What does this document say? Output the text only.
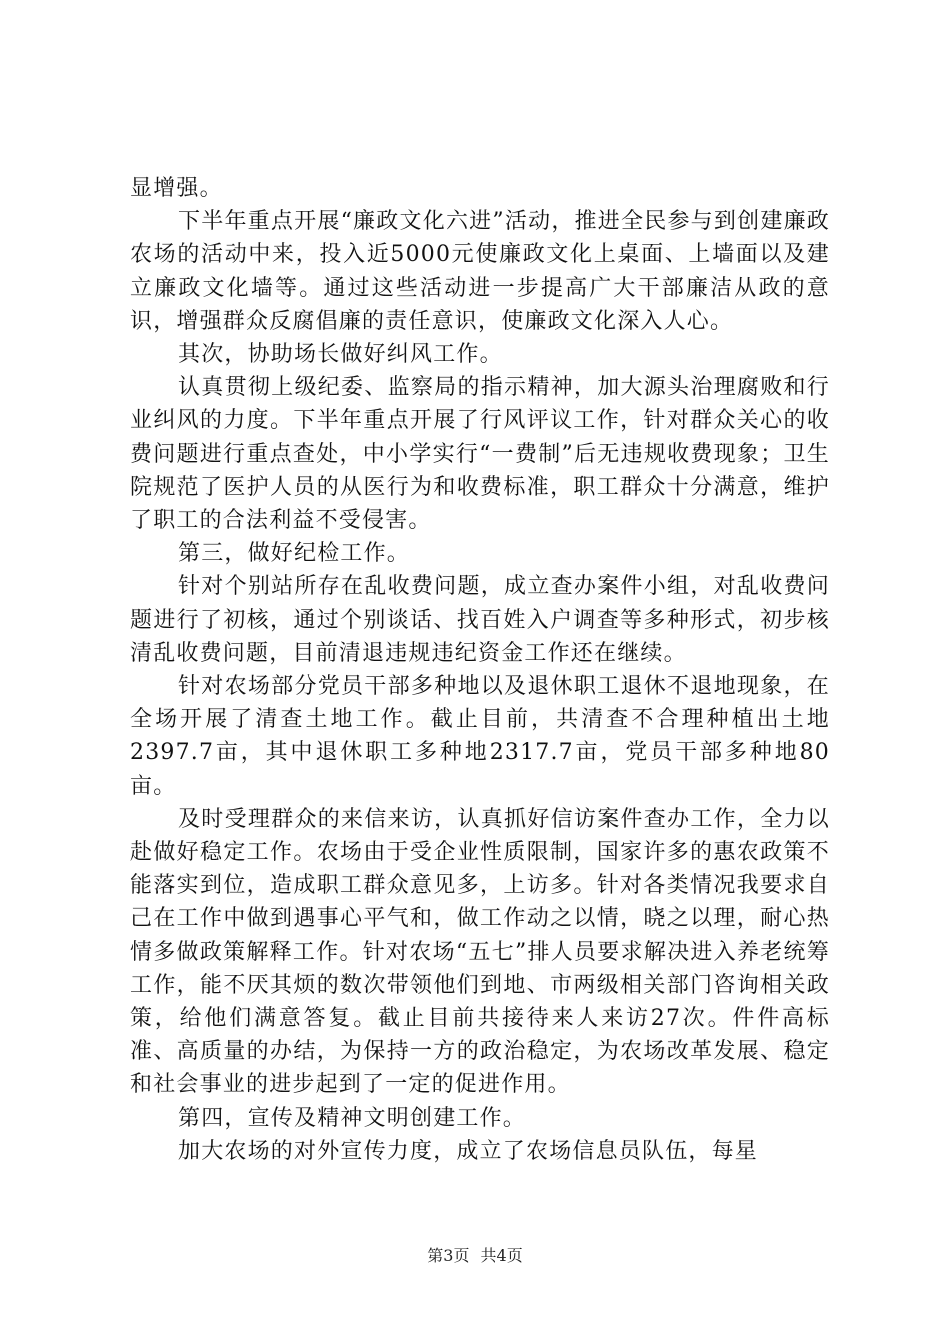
显增强。

下半年重点开展“廉政文化六进”活动，推进全民参与到创建廉政农场的活动中来，投入近5000元使廉政文化上桌面、上墙面以及建立廉政文化墙等。通过这些活动进一步提高广大干部廉洁从政的意识，增强群众反腐倡廉的责任意识，使廉政文化深入人心。

其次，协助场长做好纠风工作。

认真贯彻上级纪委、监察局的指示精神，加大源头治理腐败和行业纠风的力度。下半年重点开展了行风评议工作，针对群众关心的收费问题进行重点查处，中小学实行“一费制”后无违规收费现象；卫生院规范了医护人员的从医行为和收费标准，职工群众十分满意，维护了职工的合法利益不受侵害。

第三，做好纪检工作。

针对个别站所存在乱收费问题，成立查办案件小组，对乱收费问题进行了初核，通过个别谈话、找百姓入户调查等多种形式，初步核清乱收费问题，目前清退违规违纪资金工作还在继续。

针对农场部分党员干部多种地以及退休职工退休不退地现象，在全场开展了清查土地工作。截止目前，共清查不合理种植出土地2397.7亩，其中退休职工多种地2317.7亩，党员干部多种地80亩。

及时受理群众的来信来访，认真抓好信访案件查办工作，全力以赴做好稳定工作。农场由于受企业性质限制，国家许多的惠农政策不能落实到位，造成职工群众意见多，上访多。针对各类情况我要求自己在工作中做到遇事心平气和，做工作动之以情，晓之以理，耐心热情多做政策解释工作。针对农场“五七”排人员要求解决进入养老统筹工作，能不厌其烦的数次带领他们到地、市两级相关部门咨询相关政策，给他们满意答复。截止目前共接待来人来访27次。件件高标准、高质量的办结，为保持一方的政治稳定，为农场改革发展、稳定和社会事业的进步起到了一定的促进作用。

第四，宣传及精神文明创建工作。

加大农场的对外宣传力度，成立了农场信息员队伍，每星

第3页 共4页
